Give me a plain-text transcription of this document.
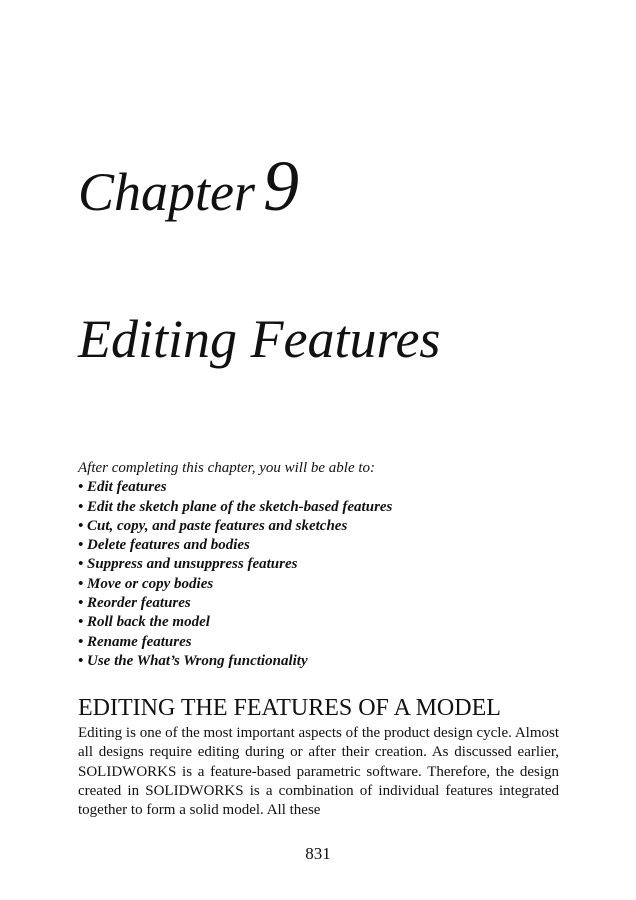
Chapter 9
Editing Features
After completing this chapter, you will be able to:
• Edit features
• Edit the sketch plane of the sketch-based features
• Cut, copy, and paste features and sketches
• Delete features and bodies
• Suppress and unsuppress features
• Move or copy bodies
• Reorder features
• Roll back the model
• Rename features
• Use the What’s Wrong functionality
EDITING THE FEATURES OF A MODEL

Editing is one of the most important aspects of the product design cycle. Almost all designs require editing during or after their creation. As discussed earlier, SOLIDWORKS is a feature-based parametric software. Therefore, the design created in SOLIDWORKS is a combination of individual features integrated together to form a solid model. All these

831
